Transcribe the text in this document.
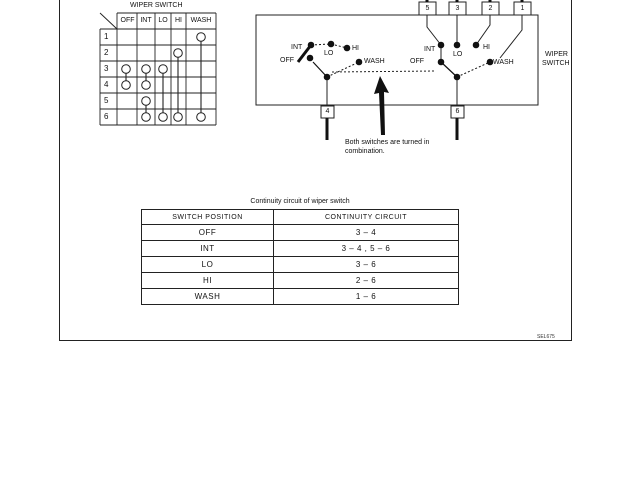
WIPER SWITCH
OFF INT LO	HI	WASH
1
2
3
4
5
6
5	3	2	1
4	6
INT
LO
HI
OFF	WASH
INT
LO
HI
OFF	WASH
WIPER
SWITCH
Both switches are turned in
combination.
Continuity circuit of wiper switch
SWITCH POSITION	CONTINUITY CIRCUIT
OFF	3 – 4
INT	3 – 4 , 5 – 6
LO	3 – 6
HI	2 – 6
WASH	1 – 6
SEL675
